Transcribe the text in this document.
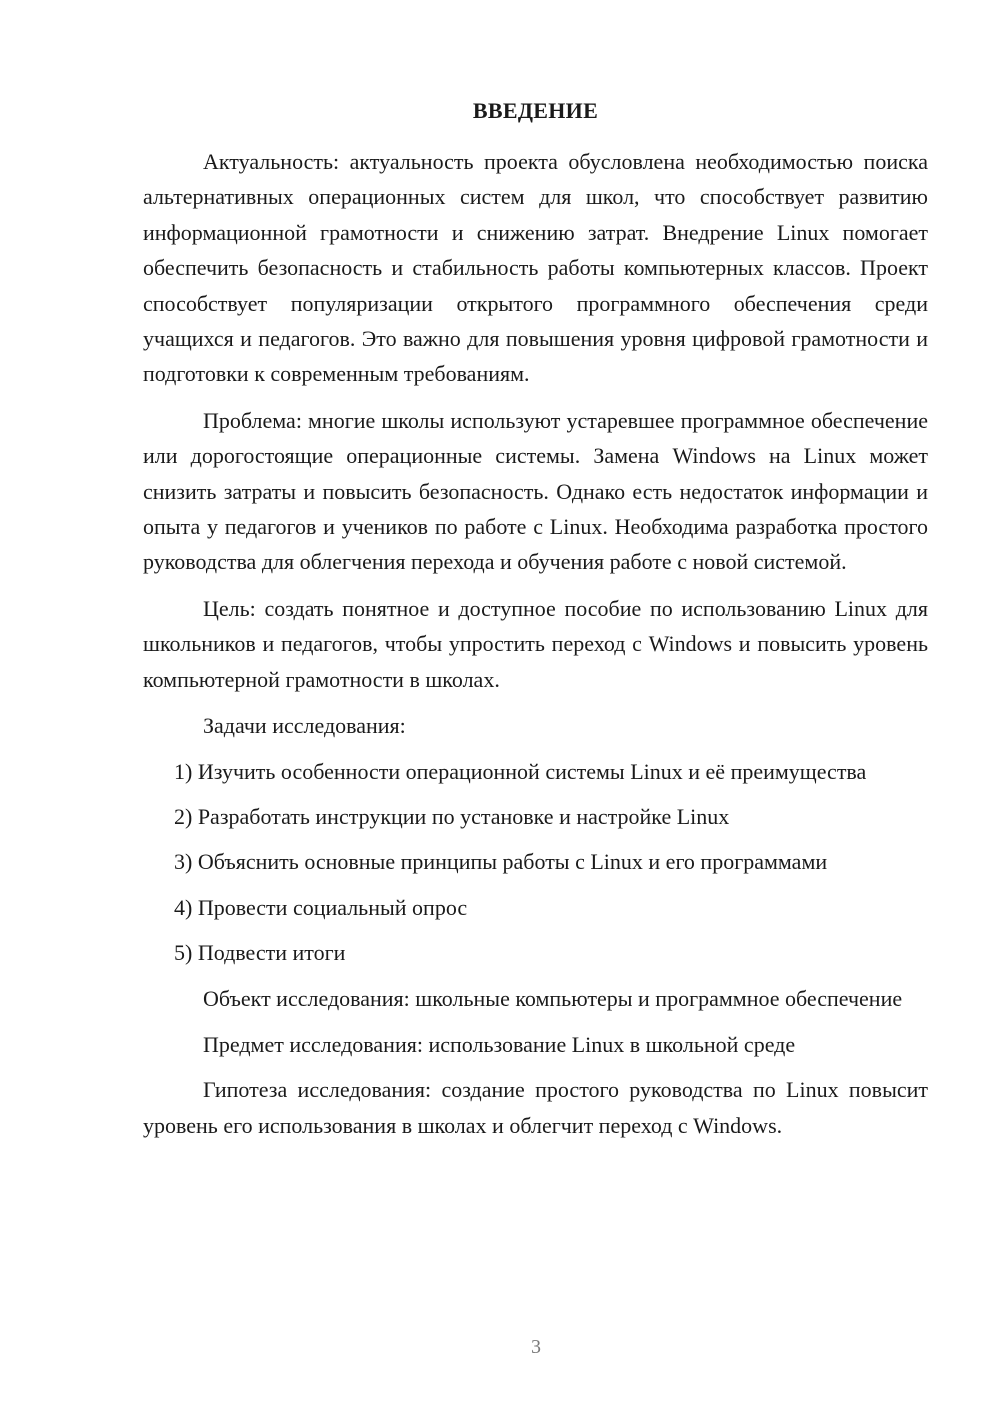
ВВЕДЕНИЕ

Актуальность: актуальность проекта обусловлена необходимостью поиска альтернативных операционных систем для школ, что способствует развитию информационной грамотности и снижению затрат. Внедрение Linux помогает обеспечить безопасность и стабильность работы компьютерных классов. Проект способствует популяризации открытого программного обеспечения среди учащихся и педагогов. Это важно для повышения уровня цифровой грамотности и подготовки к современным требованиям.

Проблема: многие школы используют устаревшее программное обеспечение или дорогостоящие операционные системы. Замена Windows на Linux может снизить затраты и повысить безопасность. Однако есть недостаток информации и опыта у педагогов и учеников по работе с Linux. Необходима разработка простого руководства для облегчения перехода и обучения работе с новой системой.

Цель: создать понятное и доступное пособие по использованию Linux для школьников и педагогов, чтобы упростить переход с Windows и повысить уровень компьютерной грамотности в школах.

Задачи исследования:

1) Изучить особенности операционной системы Linux и её преимущества

2) Разработать инструкции по установке и настройке Linux

3) Объяснить основные принципы работы с Linux и его программами

4) Провести социальный опрос

5) Подвести итоги

Объект исследования: школьные компьютеры и программное обеспечение

Предмет исследования: использование Linux в школьной среде

Гипотеза исследования: создание простого руководства по Linux повысит уровень его использования в школах и облегчит переход с Windows.

3
